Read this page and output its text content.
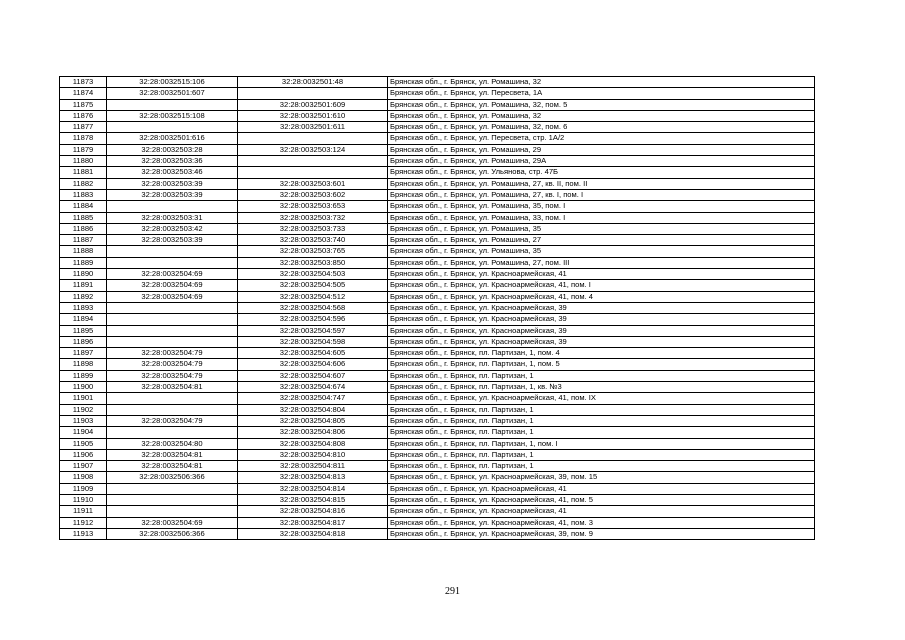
11873	32:28:0032515:106	32:28:0032501:48	Брянская обл., г. Брянск, ул. Ромашина, 32
11874	32:28:0032501:607		Брянская обл., г. Брянск, ул. Пересвета, 1А
11875		32:28:0032501:609	Брянская обл., г. Брянск, ул. Ромашина, 32, пом. 5
11876	32:28:0032515:108	32:28:0032501:610	Брянская обл., г. Брянск, ул. Ромашина, 32
11877		32:28:0032501:611	Брянская обл., г. Брянск, ул. Ромашина, 32, пом. 6
11878	32:28:0032501:616		Брянская обл., г. Брянск, ул. Пересвета, стр. 1А/2
11879	32:28:0032503:28	32:28:0032503:124	Брянская обл., г. Брянск, ул. Ромашина, 29
11880	32:28:0032503:36		Брянская обл., г. Брянск, ул. Ромашина, 29А
11881	32:28:0032503:46		Брянская обл., г. Брянск, ул. Ульянова, стр. 47Б
11882	32:28:0032503:39	32:28:0032503:601	Брянская обл., г. Брянск, ул. Ромашина, 27, кв. II, пом. II
11883	32:28:0032503:39	32:28:0032503:602	Брянская обл., г. Брянск, ул. Ромашина, 27, кв. I, пом. I
11884		32:28:0032503:653	Брянская обл., г. Брянск, ул. Ромашина, 35, пом. I
11885	32:28:0032503:31	32:28:0032503:732	Брянская обл., г. Брянск, ул. Ромашина, 33, пом. I
11886	32:28:0032503:42	32:28:0032503:733	Брянская обл., г. Брянск, ул. Ромашина, 35
11887	32:28:0032503:39	32:28:0032503:740	Брянская обл., г. Брянск, ул. Ромашина, 27
11888		32:28:0032503:765	Брянская обл., г. Брянск, ул. Ромашина, 35
11889		32:28:0032503:850	Брянская обл., г. Брянск, ул. Ромашина, 27, пом. III
11890	32:28:0032504:69	32:28:0032504:503	Брянская обл., г. Брянск, ул. Красноармейская, 41
11891	32:28:0032504:69	32:28:0032504:505	Брянская обл., г. Брянск, ул. Красноармейская, 41, пом. I
11892	32:28:0032504:69	32:28:0032504:512	Брянская обл., г. Брянск, ул. Красноармейская, 41, пом. 4
11893		32:28:0032504:568	Брянская обл., г. Брянск, ул. Красноармейская, 39
11894		32:28:0032504:596	Брянская обл., г. Брянск, ул. Красноармейская, 39
11895		32:28:0032504:597	Брянская обл., г. Брянск, ул. Красноармейская, 39
11896		32:28:0032504:598	Брянская обл., г. Брянск, ул. Красноармейская, 39
11897	32:28:0032504:79	32:28:0032504:605	Брянская обл., г. Брянск, пл. Партизан, 1, пом. 4
11898	32:28:0032504:79	32:28:0032504:606	Брянская обл., г. Брянск, пл. Партизан, 1, пом. 5
11899	32:28:0032504:79	32:28:0032504:607	Брянская обл., г. Брянск, пл. Партизан, 1
11900	32:28:0032504:81	32:28:0032504:674	Брянская обл., г. Брянск, пл. Партизан, 1, кв. №3
11901		32:28:0032504:747	Брянская обл., г. Брянск, ул. Красноармейская, 41, пом. IX
11902		32:28:0032504:804	Брянская обл., г. Брянск, пл. Партизан, 1
11903	32:28:0032504:79	32:28:0032504:805	Брянская обл., г. Брянск, пл. Партизан, 1
11904		32:28:0032504:806	Брянская обл., г. Брянск, пл. Партизан, 1
11905	32:28:0032504:80	32:28:0032504:808	Брянская обл., г. Брянск, пл. Партизан, 1, пом. I
11906	32:28:0032504:81	32:28:0032504:810	Брянская обл., г. Брянск, пл. Партизан, 1
11907	32:28:0032504:81	32:28:0032504:811	Брянская обл., г. Брянск, пл. Партизан, 1
11908	32:28:0032506:366	32:28:0032504:813	Брянская обл., г. Брянск, ул. Красноармейская, 39, пом. 15
11909		32:28:0032504:814	Брянская обл., г. Брянск, ул. Красноармейская, 41
11910		32:28:0032504:815	Брянская обл., г. Брянск, ул. Красноармейская, 41, пом. 5
11911		32:28:0032504:816	Брянская обл., г. Брянск, ул. Красноармейская, 41
11912	32:28:0032504:69	32:28:0032504:817	Брянская обл., г. Брянск, ул. Красноармейская, 41, пом. 3
11913	32:28:0032506:366	32:28:0032504:818	Брянская обл., г. Брянск, ул. Красноармейская, 39, пом. 9
291
